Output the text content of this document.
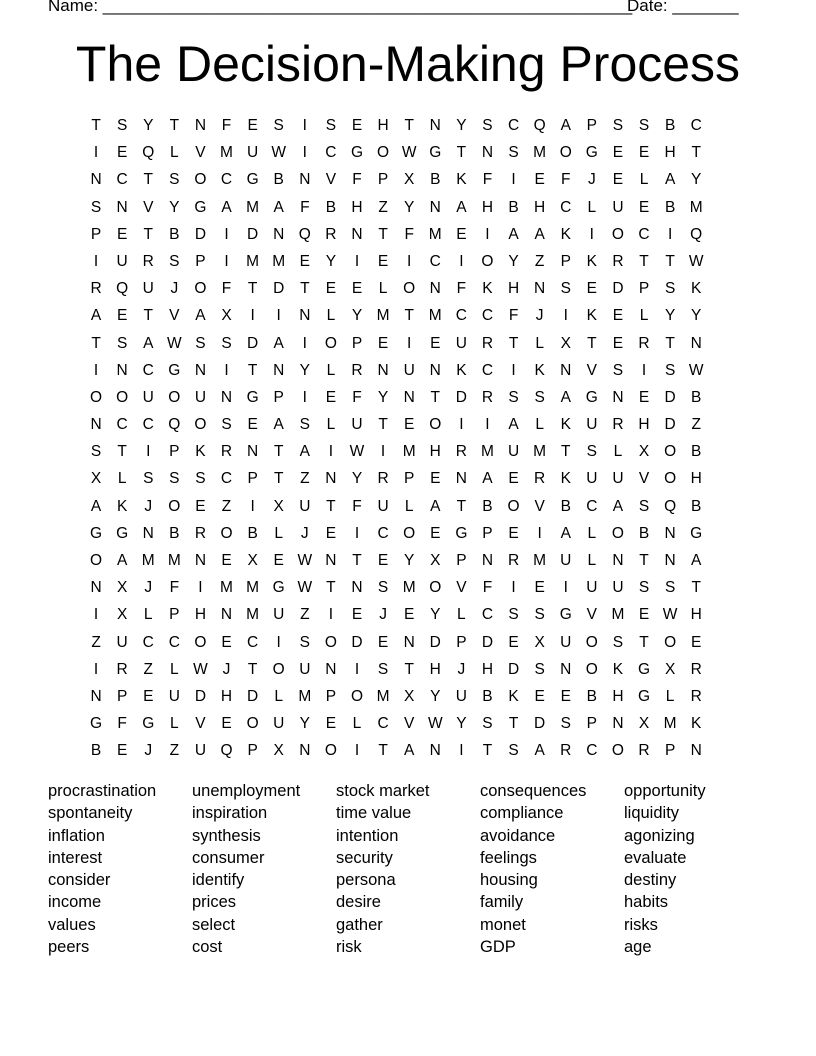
Name: ________________________________________________________
Date: _______
The Decision-Making Process
T S Y T N F E S I S E H T N Y S C Q A P S S B C
I E Q L V M U W I C G O W G T N S M O G E E H T
N C T S O C G B N V F P X B K F I E F J E L A Y
S N V Y G A M A F B H Z Y N A H B H C L U E B M
P E T B D I D N Q R N T F M E I A A K I O C I Q
I U R S P I M M E Y I E I C I O Y Z P K R T T W
R Q U J O F T D T E E L O N F K H N S E D P S K
A E T V A X I I N L Y M T M C C F J I K E L Y Y
T S A W S S D A I O P E I E U R T L X T E R T N
I N C G N I T N Y L R N U N K C I K N V S I S W
O O U O U N G P I E F Y N T D R S S A G N E D B
N C C Q O S E A S L U T E O I I A L K U R H D Z
S T I P K R N T A I W I M H R M U M T S L X O B
X L S S S C P T Z N Y R P E N A E R K U U V O H
A K J O E Z I X U T F U L A T B O V B C A S Q B
G G N B R O B L J E I C O E G P E I A L O B N G
O A M M N E X E W N T E Y X P N R M U L N T N A
N X J F I M M G W T N S M O V F I E I U U S S T
I X L P H N M U Z I E J E Y L C S S G V M E W H
Z U C C O E C I S O D E N D P D E X U O S T O E
I R Z L W J T O U N I S T H J H D S N O K G X R
N P E U D H D L M P O M X Y U B K E E B H G L R
G F G L V E O U Y E L C V W Y S T D S P N X M K
B E J Z U Q P X N O I T A N I T S A R C O R P N
procrastination	unemployment	stock market	consequences	opportunity
spontaneity	inspiration	time value	compliance	liquidity
inflation	synthesis	intention	avoidance	agonizing
interest	consumer	security	feelings	evaluate
consider	identify	persona	housing	destiny
income	prices	desire	family	habits
values	select	gather	monet	risks
peers	cost	risk	GDP	age
